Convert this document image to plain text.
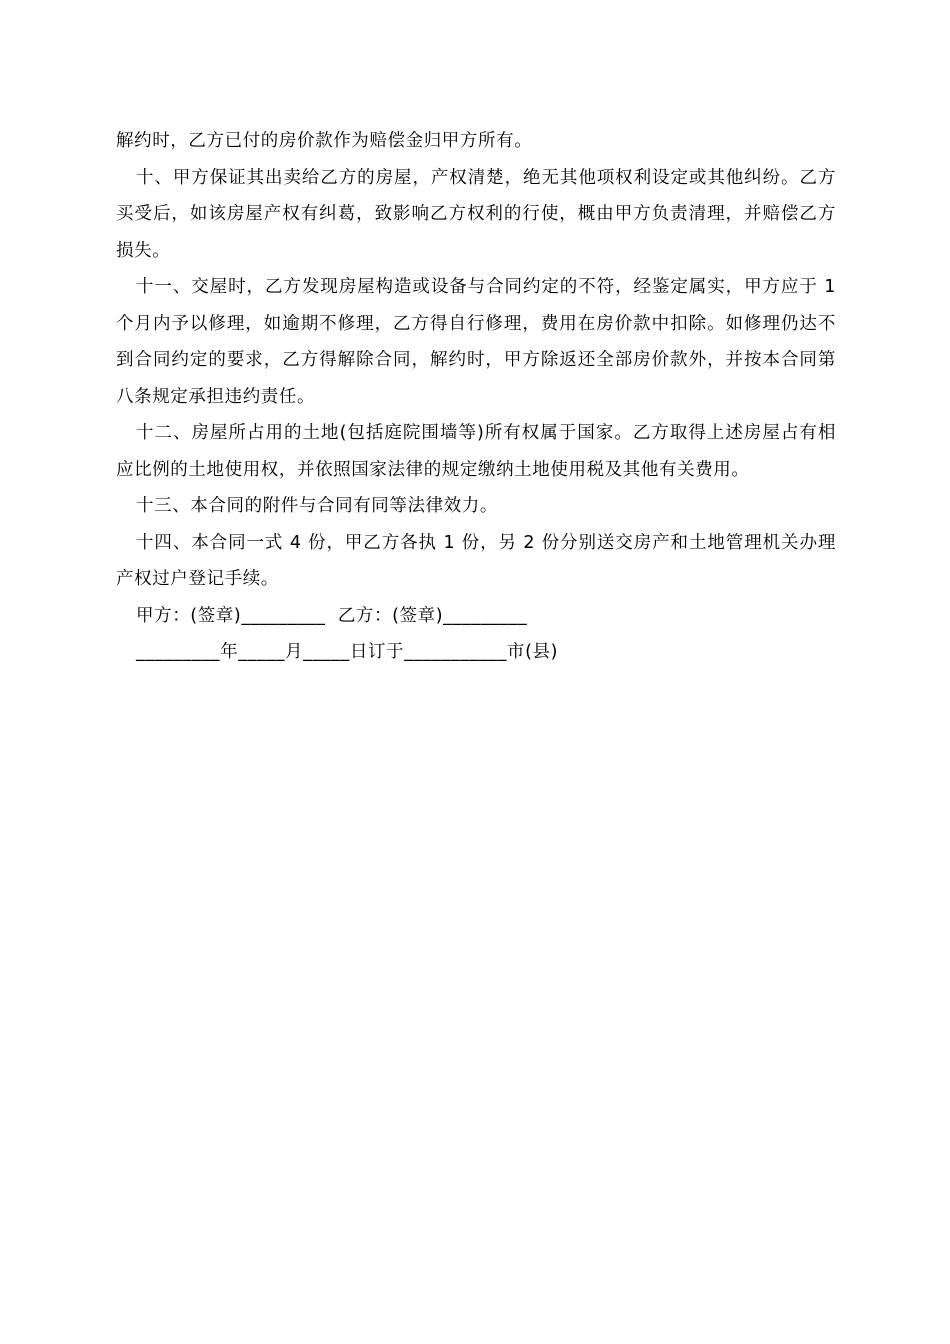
解约时，乙方已付的房价款作为赔偿金归甲方所有。

十、甲方保证其出卖给乙方的房屋，产权清楚，绝无其他项权利设定或其他纠纷。乙方买受后，如该房屋产权有纠葛，致影响乙方权利的行使，概由甲方负责清理，并赔偿乙方损失。

十一、交屋时，乙方发现房屋构造或设备与合同约定的不符，经鉴定属实，甲方应于 1 个月内予以修理，如逾期不修理，乙方得自行修理，费用在房价款中扣除。如修理仍达不到合同约定的要求，乙方得解除合同，解约时，甲方除返还全部房价款外，并按本合同第八条规定承担违约责任。

十二、房屋所占用的土地(包括庭院围墙等)所有权属于国家。乙方取得上述房屋占有相应比例的土地使用权，并依照国家法律的规定缴纳土地使用税及其他有关费用。

十三、本合同的附件与合同有同等法律效力。

十四、本合同一式 4 份，甲乙方各执 1 份，另 2 份分别送交房产和土地管理机关办理产权过户登记手续。

甲方：(签章)_________  乙方：(签章)_________

_________年_____月_____日订于___________市(县)
